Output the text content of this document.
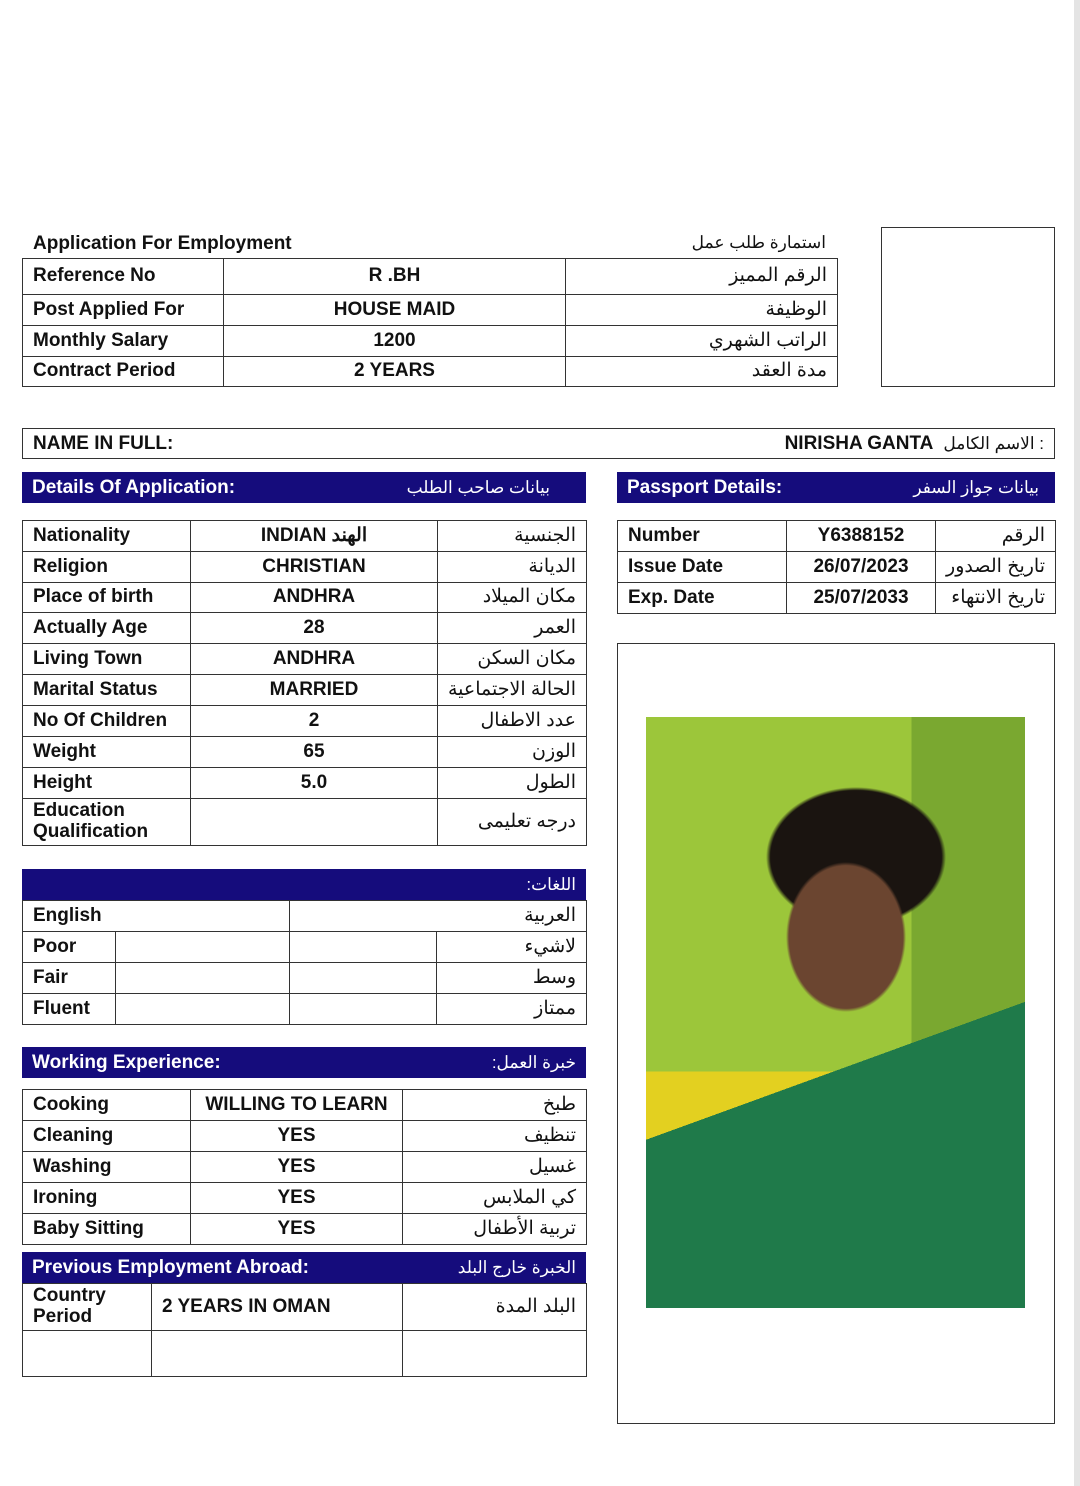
Application For Employment	استمارة طلب عمل
Reference No	R .BH	الرقم المميز
Post Applied For	HOUSE MAID	الوظيفة
Monthly Salary	1200	الراتب الشهري
Contract Period	2 YEARS	مدة العقد
NAME IN FULL:	NIRISHA GANTA : الاسم الكامل
Details Of Application:	بيانات صاحب الطلب	Passport Details:	بيانات جواز السفر
Nationality	INDIAN الهند	الجنسية
Religion	CHRISTIAN	الديانة
Place of birth	ANDHRA	مكان الميلاد
Actually Age	28	العمر
Living Town	ANDHRA	مكان السكن
Marital Status	MARRIED	الحالة الاجتماعية
No Of Children	2	عدد الاطفال
Weight	65	الوزن
Height	5.0	الطول
Education Qualification		درجه تعليمى
Number	Y6388152	الرقم
Issue Date	26/07/2023	تاريخ الصدور
Exp. Date	25/07/2033	تاريخ الانتهاء
اللغات:
English		العربية	
Poor			لاشيء
Fair			وسط
Fluent			ممتاز
Working Experience:	خبرة العمل:
Cooking	WILLING TO LEARN	طبخ
Cleaning	YES	تنظيف
Washing	YES	غسيل
Ironing	YES	كي الملابس
Baby Sitting	YES	تربية الأطفال
Previous Employment Abroad:	الخبرة خارج البلد
Country Period	2 YEARS IN OMAN	البلد المدة
